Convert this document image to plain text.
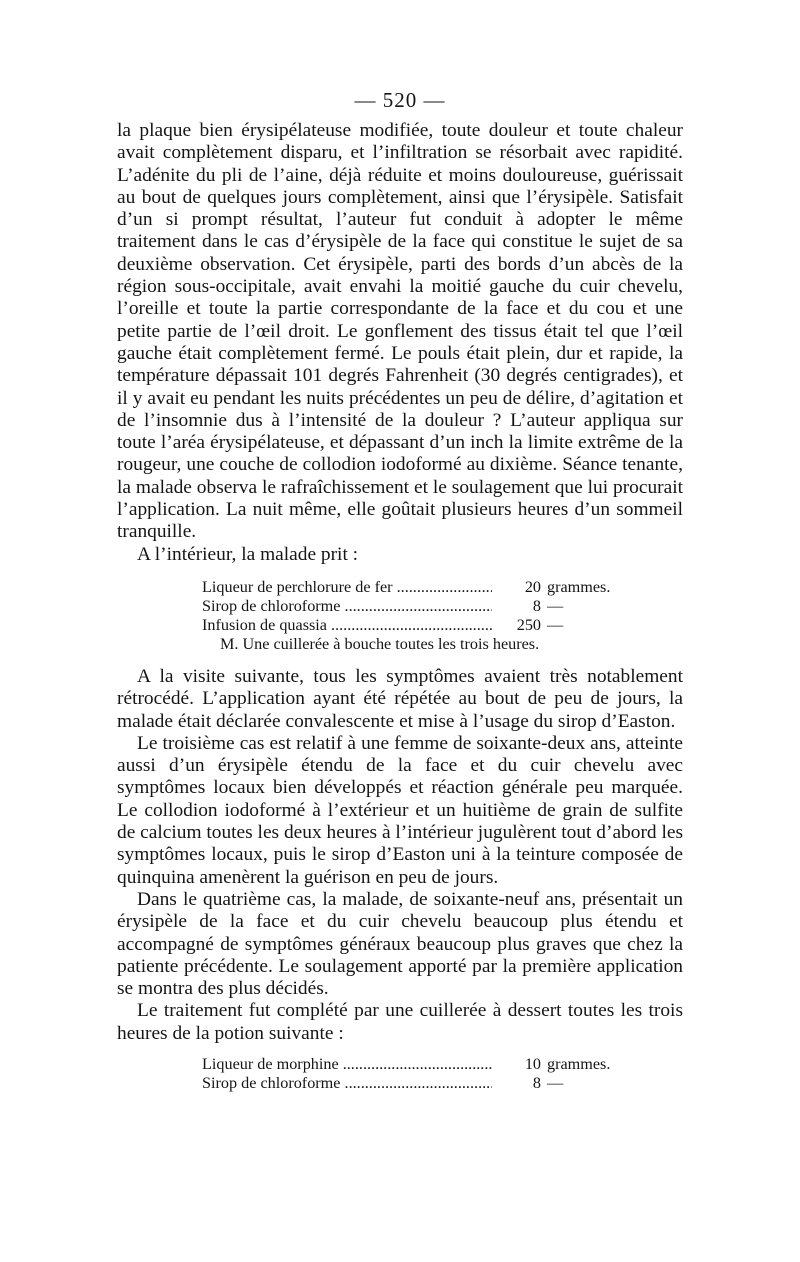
— 520 —

la plaque bien érysipélateuse modifiée, toute douleur et toute chaleur avait complètement disparu, et l’infiltration se résorbait avec rapidité. L’adénite du pli de l’aine, déjà réduite et moins douloureuse, guérissait au bout de quelques jours complètement, ainsi que l’érysipèle. Satisfait d’un si prompt résultat, l’auteur fut conduit à adopter le même traitement dans le cas d’érysipèle de la face qui constitue le sujet de sa deuxième observation. Cet érysipèle, parti des bords d’un abcès de la région sous-occipitale, avait envahi la moitié gauche du cuir chevelu, l’oreille et toute la partie correspondante de la face et du cou et une petite partie de l’œil droit. Le gonflement des tissus était tel que l’œil gauche était complètement fermé. Le pouls était plein, dur et rapide, la température dépassait 101 degrés Fahrenheit (30 degrés centigrades), et il y avait eu pendant les nuits précédentes un peu de délire, d’agitation et de l’insomnie dus à l’intensité de la douleur ? L’auteur appliqua sur toute l’aréa érysipélateuse, et dépassant d’un inch la limite extrême de la rougeur, une couche de collodion iodoformé au dixième. Séance tenante, la malade observa le rafraîchissement et le soulagement que lui procurait l’application. La nuit même, elle goûtait plusieurs heures d’un sommeil tranquille.

A l’intérieur, la malade prit :

Liqueur de perchlorure de fer .....	20 grammes.
Sirop de chloroforme .....	8 —
Infusion de quassia .....	250 —
M. Une cuillerée à bouche toutes les trois heures.

A la visite suivante, tous les symptômes avaient très notablement rétrocédé. L’application ayant été répétée au bout de peu de jours, la malade était déclarée convalescente et mise à l’usage du sirop d’Easton.

Le troisième cas est relatif à une femme de soixante-deux ans, atteinte aussi d’un érysipèle étendu de la face et du cuir chevelu avec symptômes locaux bien développés et réaction générale peu marquée. Le collodion iodoformé à l’extérieur et un huitième de grain de sulfite de calcium toutes les deux heures à l’intérieur jugulèrent tout d’abord les symptômes locaux, puis le sirop d’Easton uni à la teinture composée de quinquina amenèrent la guérison en peu de jours.

Dans le quatrième cas, la malade, de soixante-neuf ans, présentait un érysipèle de la face et du cuir chevelu beaucoup plus étendu et accompagné de symptômes généraux beaucoup plus graves que chez la patiente précédente. Le soulagement apporté par la première application se montra des plus décidés.

Le traitement fut complété par une cuillerée à dessert toutes les trois heures de la potion suivante :

Liqueur de morphine .....	10 grammes.
Sirop de chloroforme .....	8 —
